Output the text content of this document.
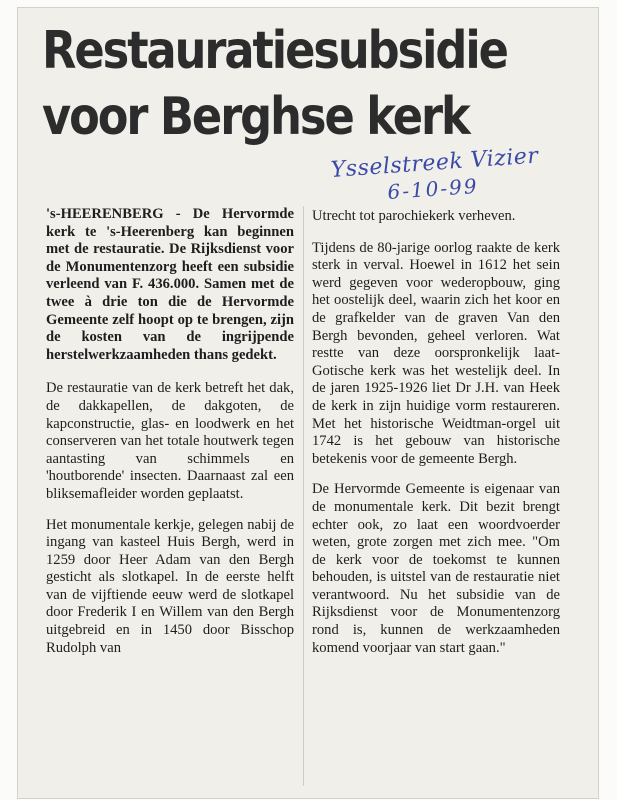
Restauratiesubsidie
voor Berghse kerk
Ysselstreek Vizier
6-10-99

's-HEERENBERG - De Hervormde kerk te 's-Heerenberg kan beginnen met de restauratie. De Rijksdienst voor de Monumentenzorg heeft een subsidie verleend van F. 436.000. Samen met de twee à drie ton die de Hervormde Gemeente zelf hoopt op te brengen, zijn de kosten van de ingrijpende herstelwerkzaamheden thans gedekt.

De restauratie van de kerk betreft het dak, de dakkapellen, de dakgoten, de kapconstructie, glas- en loodwerk en het conserveren van het totale houtwerk tegen aantasting van schimmels en 'houtborende' insecten. Daarnaast zal een bliksemafleider worden geplaatst.

Het monumentale kerkje, gelegen nabij de ingang van kasteel Huis Bergh, werd in 1259 door Heer Adam van den Bergh gesticht als slotkapel. In de eerste helft van de vijftiende eeuw werd de slotkapel door Frederik I en Willem van den Bergh uitgebreid en in 1450 door Bisschop Rudolph van

Utrecht tot parochiekerk verheven.

Tijdens de 80-jarige oorlog raakte de kerk sterk in verval. Hoewel in 1612 het sein werd gegeven voor wederopbouw, ging het oostelijk deel, waarin zich het koor en de grafkelder van de graven Van den Bergh bevonden, geheel verloren. Wat restte van deze oorspronkelijk laat-Gotische kerk was het westelijk deel. In de jaren 1925-1926 liet Dr J.H. van Heek de kerk in zijn huidige vorm restaureren. Met het historische Weidtman-orgel uit 1742 is het gebouw van historische betekenis voor de gemeente Bergh.

De Hervormde Gemeente is eigenaar van de monumentale kerk. Dit bezit brengt echter ook, zo laat een woordvoerder weten, grote zorgen met zich mee. "Om de kerk voor de toekomst te kunnen behouden, is uitstel van de restauratie niet verantwoord. Nu het subsidie van de Rijksdienst voor de Monumentenzorg rond is, kunnen de werkzaamheden komend voorjaar van start gaan."
